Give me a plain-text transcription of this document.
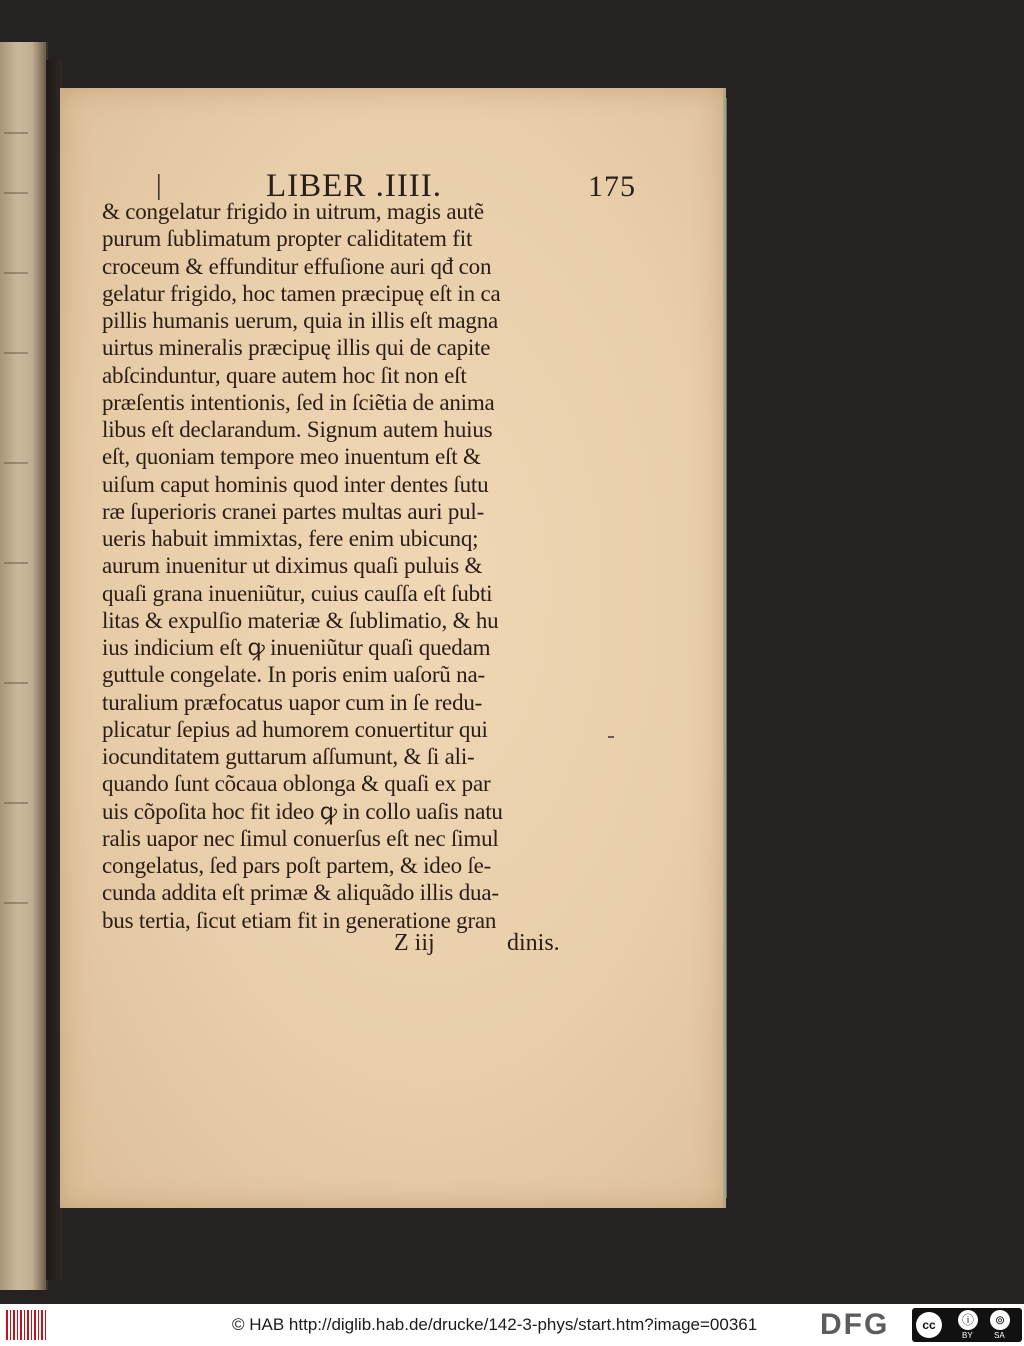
|	LIBER .IIII.	175
& congelatur frigido in uitrum, magis autẽ
purum ſublimatum propter caliditatem fit
croceum & effunditur effuſione auri qđ con
gelatur frigido, hoc tamen præcipuę eſt in ca
pillis humanis uerum, quia in illis eſt magna
uirtus mineralis præcipuę illis qui de capite
abſcinduntur, quare autem hoc ſit non eſt
præſentis intentionis, ſed in ſciẽtia de anima
libus eſt declarandum. Signum autem huius
eſt, quoniam tempore meo inuentum eſt &
uiſum caput hominis quod inter dentes ſutu
ræ ſuperioris cranei partes multas auri pul-
ueris habuit immixtas, fere enim ubicunq;
aurum inuenitur ut diximus quaſi puluis &
quaſi grana inueniũtur, cuius cauſſa eſt ſubti
litas & expulſio materiæ & ſublimatio, & hu
ius indicium eſt ꝙ inueniũtur quaſi quedam
guttule congelate. In poris enim uaſorũ na-
turalium præfocatus uapor cum in ſe redu-
plicatur ſepius ad humorem conuertitur qui
iocunditatem guttarum aſſumunt, & ſi ali-
quando ſunt cõcaua oblonga & quaſi ex par
uis cõpoſita hoc fit ideo ꝙ in collo uaſis natu
ralis uapor nec ſimul conuerſus eſt nec ſimul
congelatus, ſed pars poſt partem, & ideo ſe-
cunda addita eſt primæ & aliquãdo illis dua-
bus tertia, ſicut etiam fit in generatione gran
Z iij	dinis.
© HAB http://diglib.hab.de/drucke/142-3-phys/start.htm?image=00361 DFG	cc	ⓘ	⊚
BY	SA
